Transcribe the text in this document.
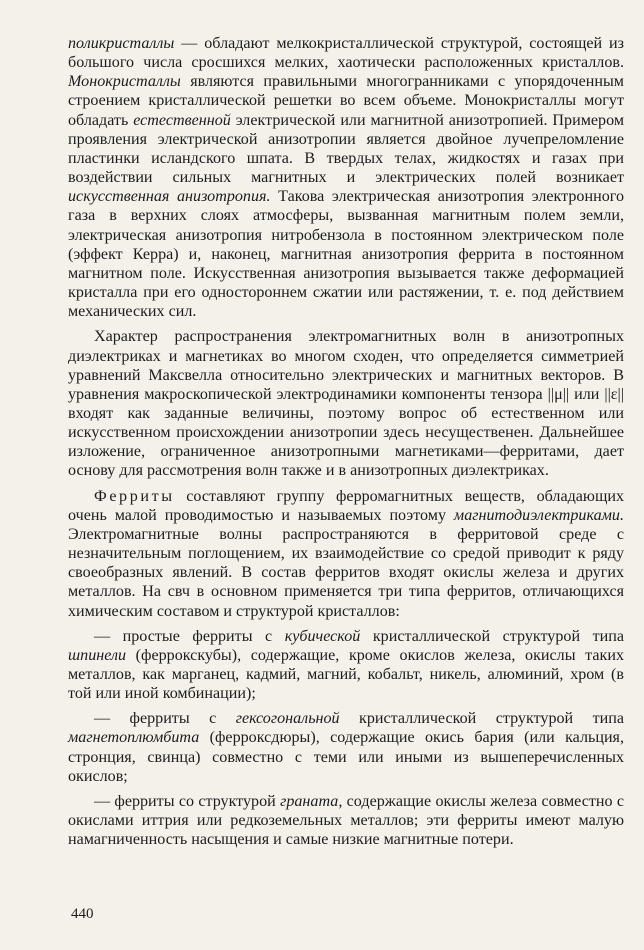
поликристаллы — обладают мелкокристаллической структурой, состоящей из большого числа сросшихся мелких, хаотически расположенных кристаллов. Монокристаллы являются правильными многогранниками с упорядоченным строением кристаллической решетки во всем объеме. Монокристаллы могут обладать естественной электрической или магнитной анизотропией. Примером проявления электрической анизотропии является двойное лучепреломление пластинки исландского шпата. В твердых телах, жидкостях и газах при воздействии сильных магнитных и электрических полей возникает искусственная анизотропия. Такова электрическая анизотропия электронного газа в верхних слоях атмосферы, вызванная магнитным полем земли, электрическая анизотропия нитробензола в постоянном электрическом поле (эффект Керра) и, наконец, магнитная анизотропия феррита в постоянном магнитном поле. Искусственная анизотропия вызывается также деформацией кристалла при его одностороннем сжатии или растяжении, т. е. под действием механических сил.

Характер распространения электромагнитных волн в анизотропных диэлектриках и магнетиках во многом сходен, что определяется симметрией уравнений Максвелла относительно электрических и магнитных векторов. В уравнения макроскопической электродинамики компоненты тензора ||μ|| или ||ε|| входят как заданные величины, поэтому вопрос об естественном или искусственном происхождении анизотропии здесь несущественен. Дальнейшее изложение, ограниченное анизотропными магнетиками—ферритами, дает основу для рассмотрения волн также и в анизотропных диэлектриках.

Ферриты составляют группу ферромагнитных веществ, обладающих очень малой проводимостью и называемых поэтому магнитодиэлектриками. Электромагнитные волны распространяются в ферритовой среде с незначительным поглощением, их взаимодействие со средой приводит к ряду своеобразных явлений. В состав ферритов входят окислы железа и других металлов. На свч в основном применяется три типа ферритов, отличающихся химическим составом и структурой кристаллов:

— простые ферриты с кубической кристаллической структурой типа шпинели (феррокскубы), содержащие, кроме окислов железа, окислы таких металлов, как марганец, кадмий, магний, кобальт, никель, алюминий, хром (в той или иной комбинации);

— ферриты с гексогональной кристаллической структурой типа магнетоплюмбита (ферроксдюры), содержащие окись бария (или кальция, стронция, свинца) совместно с теми или иными из вышеперечисленных окислов;

— ферриты со структурой граната, содержащие окислы железа совместно с окислами иттрия или редкоземельных металлов; эти ферриты имеют малую намагниченность насыщения и самые низкие магнитные потери.

440
